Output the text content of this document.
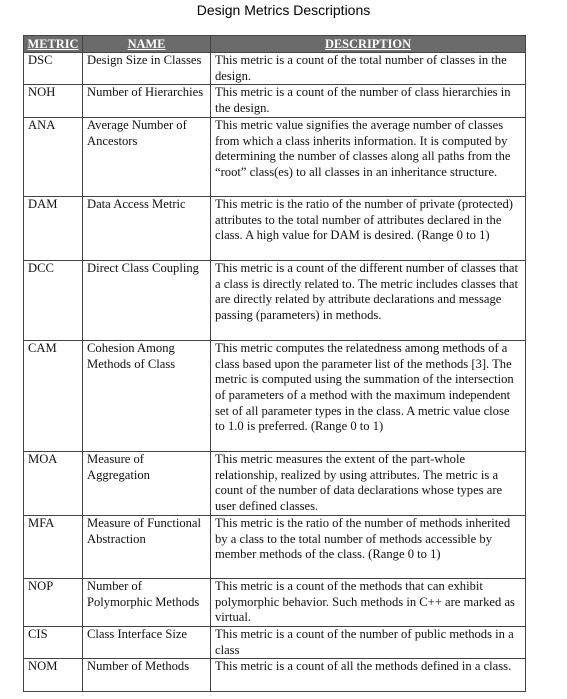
Design Metrics Descriptions
METRIC	NAME	DESCRIPTION
DSC	Design Size in Classes	This metric is a count of the total number of classes in the design.
NOH	Number of Hierarchies	This metric is a count of the number of class hierarchies in the design.
ANA	Average Number of Ancestors	This metric value signifies the average number of classes from which a class inherits information. It is computed by determining the number of classes along all paths from the “root” class(es) to all classes in an inheritance structure.
DAM	Data Access Metric	This metric is the ratio of the number of private (protected) attributes to the total number of attributes declared in the class. A high value for DAM is desired. (Range 0 to 1)
DCC	Direct Class Coupling	This metric is a count of the different number of classes that a class is directly related to. The metric includes classes that are directly related by attribute declarations and message passing (parameters) in methods.
CAM	Cohesion Among Methods of Class	This metric computes the relatedness among methods of a class based upon the parameter list of the methods [3]. The metric is computed using the summation of the intersection of parameters of a method with the maximum independent set of all parameter types in the class. A metric value close to 1.0 is preferred. (Range 0 to 1)
MOA	Measure of Aggregation	This metric measures the extent of the part-whole relationship, realized by using attributes. The metric is a count of the number of data declarations whose types are user defined classes.
MFA	Measure of Functional Abstraction	This metric is the ratio of the number of methods inherited by a class to the total number of methods accessible by member methods of the class. (Range 0 to 1)
NOP	Number of Polymorphic Methods	This metric is a count of the methods that can exhibit polymorphic behavior. Such methods in C++ are marked as virtual.
CIS	Class Interface Size	This metric is a count of the number of public methods in a class
NOM	Number of Methods	This metric is a count of all the methods defined in a class.
